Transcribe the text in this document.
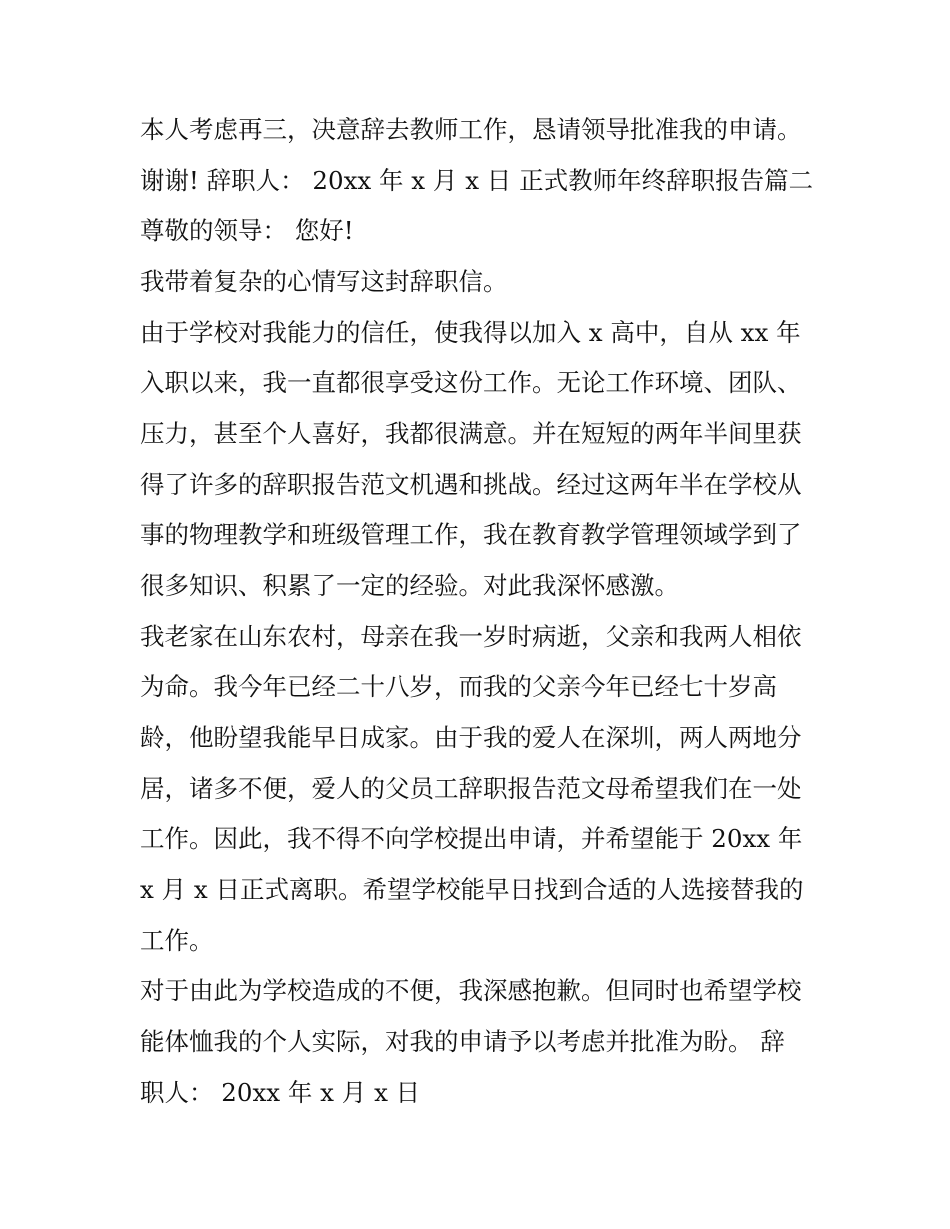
本人考虑再三，决意辞去教师工作，恳请领导批准我的申请。

谢谢! 辞职人： 20xx 年 x 月 x 日 正式教师年终辞职报告篇二

尊敬的领导： 您好!

我带着复杂的心情写这封辞职信。

由于学校对我能力的信任，使我得以加入 x 高中，自从 xx 年

入职以来，我一直都很享受这份工作。无论工作环境、团队、

压力，甚至个人喜好，我都很满意。并在短短的两年半间里获

得了许多的辞职报告范文机遇和挑战。经过这两年半在学校从

事的物理教学和班级管理工作，我在教育教学管理领域学到了

很多知识、积累了一定的经验。对此我深怀感激。

我老家在山东农村，母亲在我一岁时病逝，父亲和我两人相依

为命。我今年已经二十八岁，而我的父亲今年已经七十岁高

龄，他盼望我能早日成家。由于我的爱人在深圳，两人两地分

居，诸多不便，爱人的父员工辞职报告范文母希望我们在一处

工作。因此，我不得不向学校提出申请，并希望能于 20xx 年

x 月 x 日正式离职。希望学校能早日找到合适的人选接替我的

工作。

对于由此为学校造成的不便，我深感抱歉。但同时也希望学校

能体恤我的个人实际，对我的申请予以考虑并批准为盼。 辞

职人： 20xx 年 x 月 x 日
